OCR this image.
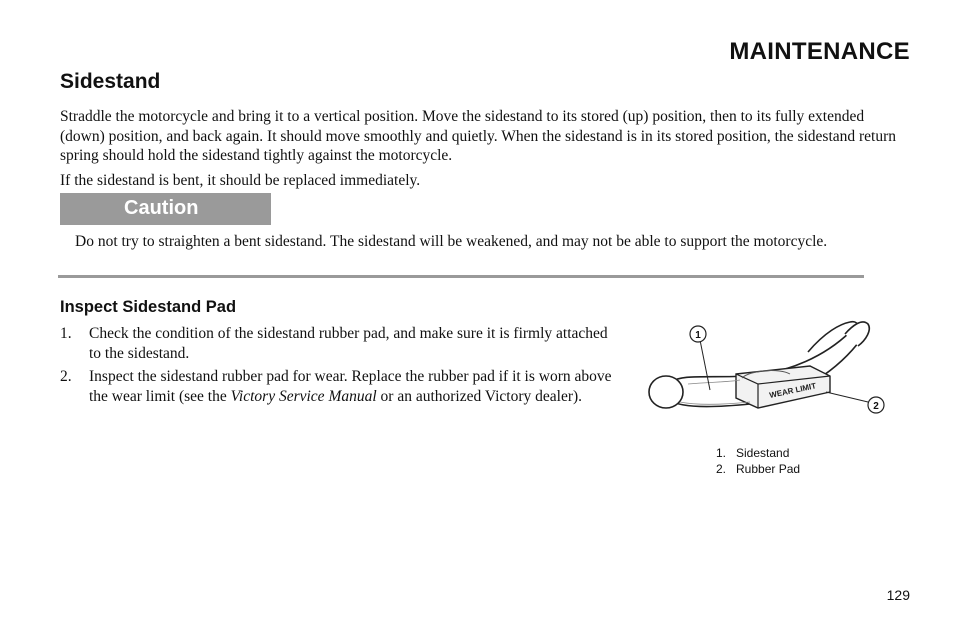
MAINTENANCE
Sidestand

Straddle the motorcycle and bring it to a vertical position. Move the sidestand to its stored (up) position, then to its fully extended (down) position, and back again. It should move smoothly and quietly. When the sidestand is in its stored position, the sidestand return spring should hold the sidestand tightly against the motorcycle.

If the sidestand is bent, it should be replaced immediately.

Caution

Do not try to straighten a bent sidestand. The sidestand will be weakened, and may not be able to support the motorcycle.

Inspect Sidestand Pad
1. Check the condition of the sidestand rubber pad, and make sure it is firmly attached to the sidestand.
2. Inspect the sidestand rubber pad for wear. Replace the rubber pad if it is worn above the wear limit (see the Victory Service Manual or an authorized Victory dealer).	WEAR LIMIT
1
2
1. Sidestand
2. Rubber Pad
129
